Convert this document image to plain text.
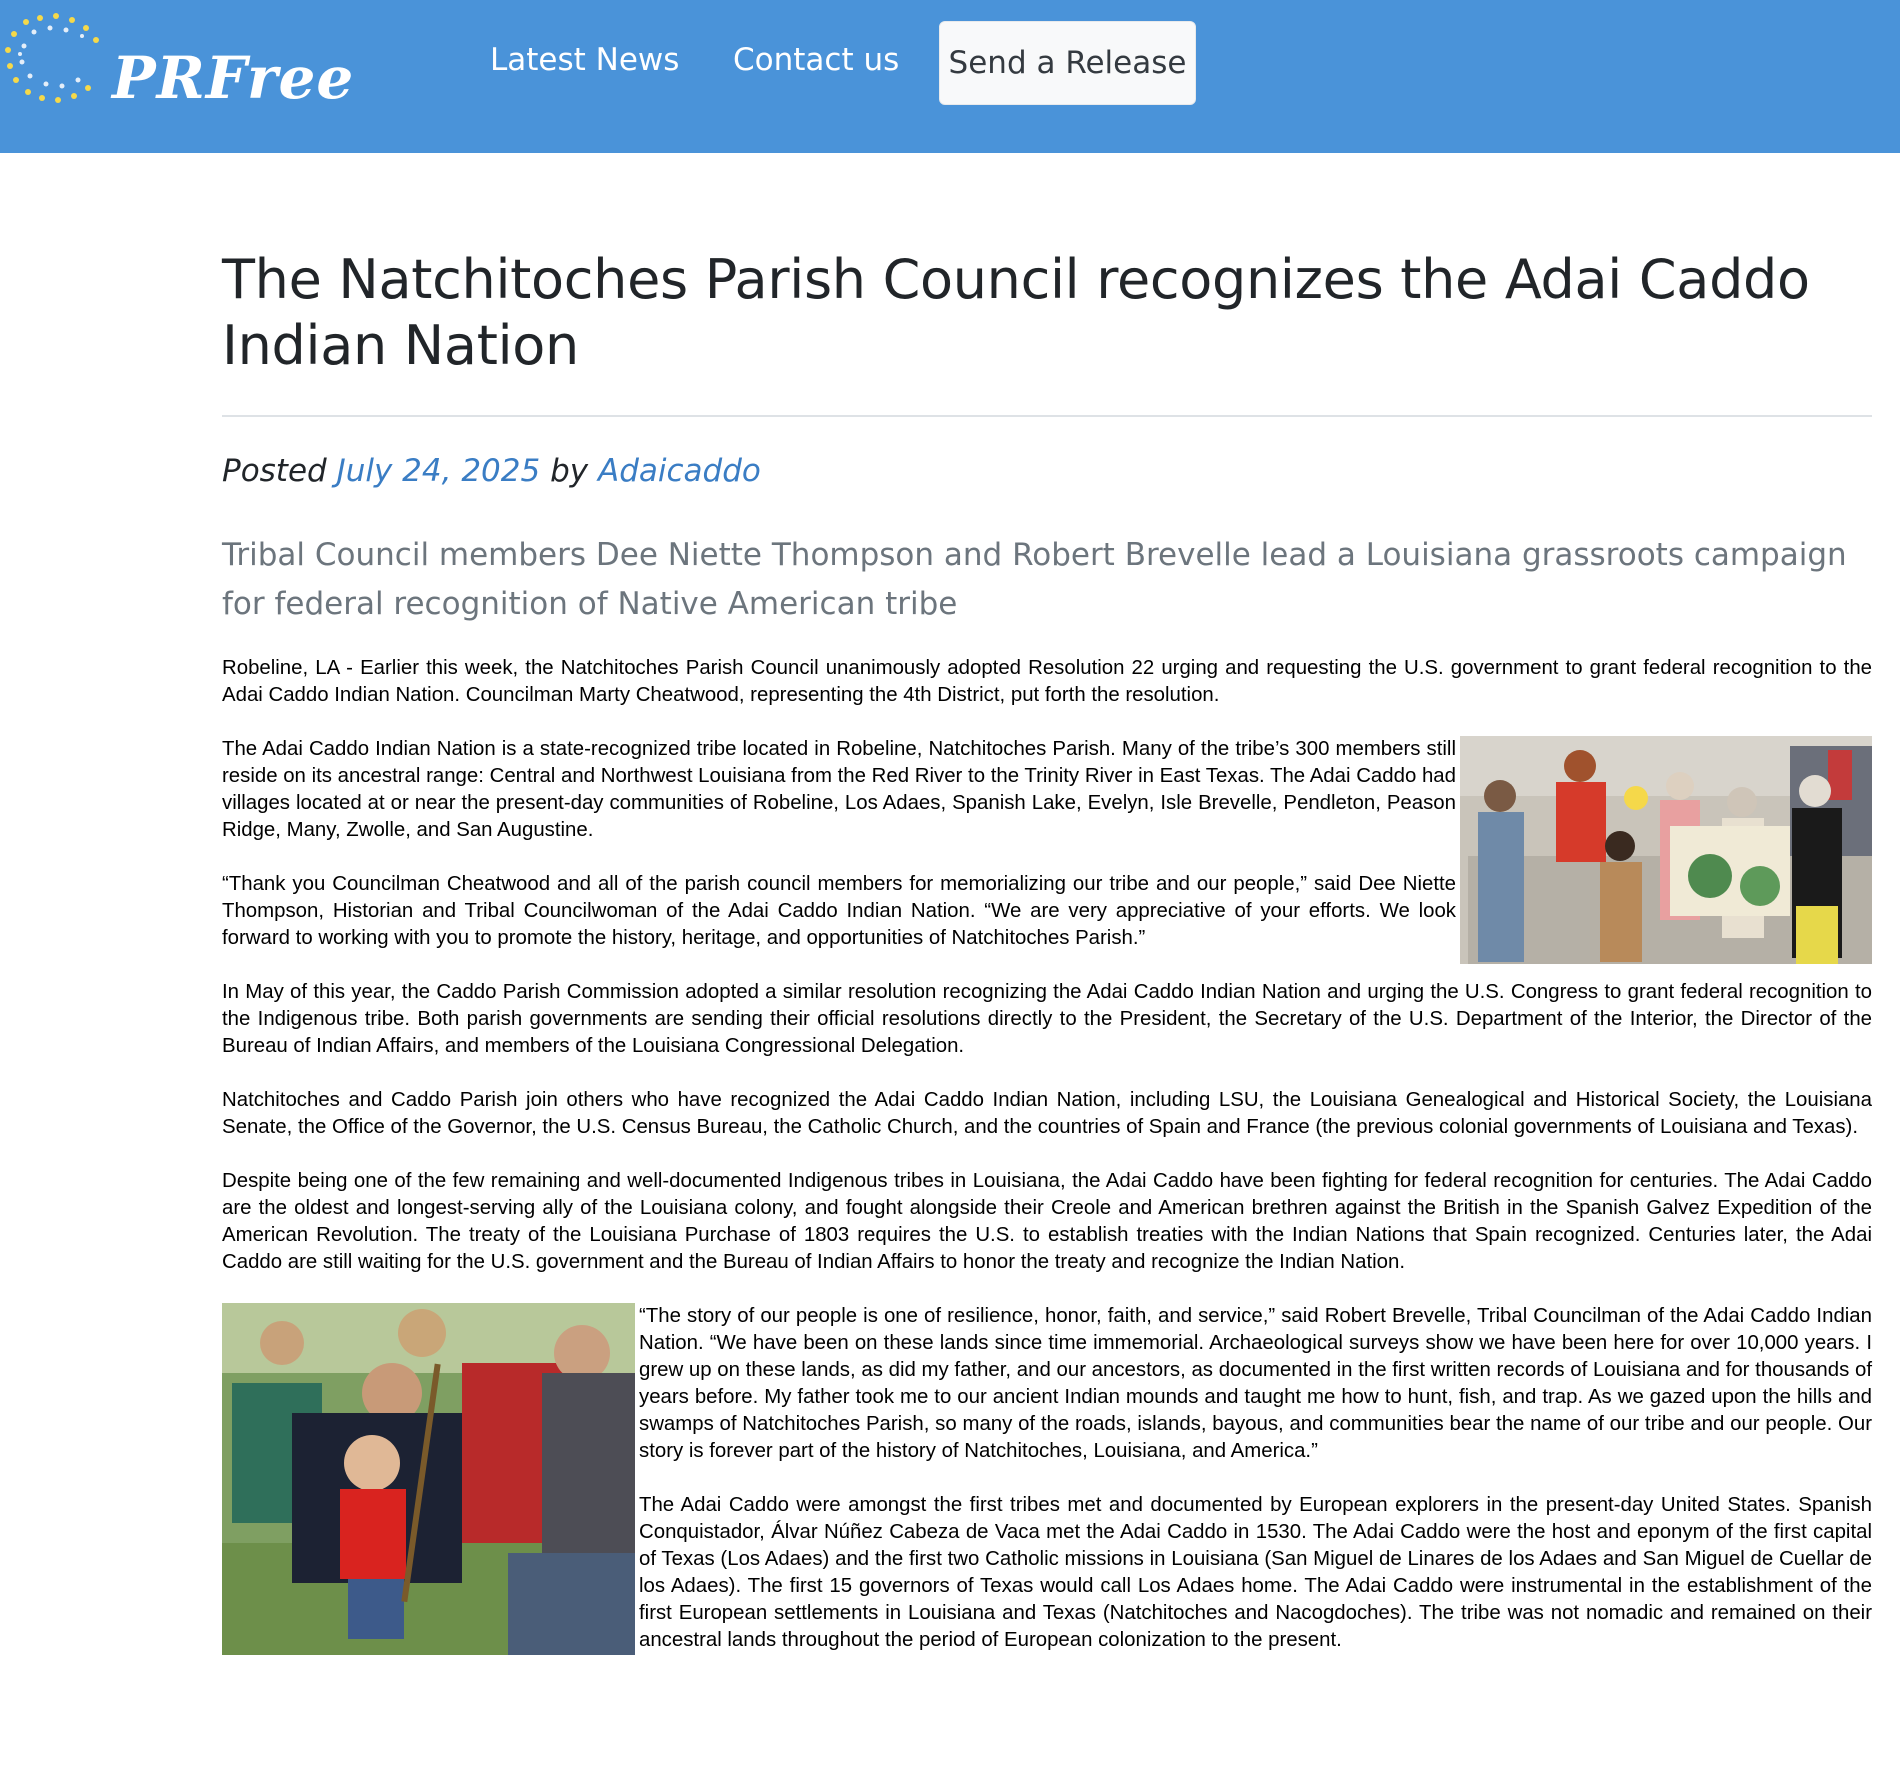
PRFree	Latest News Contact us	Send a Release
The Natchitoches Parish Council recognizes the Adai Caddo Indian Nation
Posted July 24, 2025 by Adaicaddo
Tribal Council members Dee Niette Thompson and Robert Brevelle lead a Louisiana grassroots campaign for federal recognition of Native American tribe

Robeline, LA - Earlier this week, the Natchitoches Parish Council unanimously adopted Resolution 22 urging and requesting the U.S. government to grant federal recognition to the Adai Caddo Indian Nation. Councilman Marty Cheatwood, representing the 4th District, put forth the resolution.

The Adai Caddo Indian Nation is a state-recognized tribe located in Robeline, Natchitoches Parish. Many of the tribe’s 300 members still reside on its ancestral range: Central and Northwest Louisiana from the Red River to the Trinity River in East Texas. The Adai Caddo had villages located at or near the present-day communities of Robeline, Los Adaes, Spanish Lake, Evelyn, Isle Brevelle, Pendleton, Peason Ridge, Many, Zwolle, and San Augustine.

“Thank you Councilman Cheatwood and all of the parish council members for memorializing our tribe and our people,” said Dee Niette Thompson, Historian and Tribal Councilwoman of the Adai Caddo Indian Nation. “We are very appreciative of your efforts. We look forward to working with you to promote the history, heritage, and opportunities of Natchitoches Parish.”

In May of this year, the Caddo Parish Commission adopted a similar resolution recognizing the Adai Caddo Indian Nation and urging the U.S. Congress to grant federal recognition to the Indigenous tribe. Both parish governments are sending their official resolutions directly to the President, the Secretary of the U.S. Department of the Interior, the Director of the Bureau of Indian Affairs, and members of the Louisiana Congressional Delegation.

Natchitoches and Caddo Parish join others who have recognized the Adai Caddo Indian Nation, including LSU, the Louisiana Genealogical and Historical Society, the Louisiana Senate, the Office of the Governor, the U.S. Census Bureau, the Catholic Church, and the countries of Spain and France (the previous colonial governments of Louisiana and Texas).

Despite being one of the few remaining and well-documented Indigenous tribes in Louisiana, the Adai Caddo have been fighting for federal recognition for centuries. The Adai Caddo are the oldest and longest-serving ally of the Louisiana colony, and fought alongside their Creole and American brethren against the British in the Spanish Galvez Expedition of the American Revolution. The treaty of the Louisiana Purchase of 1803 requires the U.S. to establish treaties with the Indian Nations that Spain recognized. Centuries later, the Adai Caddo are still waiting for the U.S. government and the Bureau of Indian Affairs to honor the treaty and recognize the Indian Nation.

“The story of our people is one of resilience, honor, faith, and service,” said Robert Brevelle, Tribal Councilman of the Adai Caddo Indian Nation. “We have been on these lands since time immemorial. Archaeological surveys show we have been here for over 10,000 years. I grew up on these lands, as did my father, and our ancestors, as documented in the first written records of Louisiana and for thousands of years before. My father took me to our ancient Indian mounds and taught me how to hunt, fish, and trap. As we gazed upon the hills and swamps of Natchitoches Parish, so many of the roads, islands, bayous, and communities bear the name of our tribe and our people. Our story is forever part of the history of Natchitoches, Louisiana, and America.”

The Adai Caddo were amongst the first tribes met and documented by European explorers in the present-day United States. Spanish Conquistador, Álvar Núñez Cabeza de Vaca met the Adai Caddo in 1530. The Adai Caddo were the host and eponym of the first capital of Texas (Los Adaes) and the first two Catholic missions in Louisiana (San Miguel de Linares de los Adaes and San Miguel de Cuellar de los Adaes). The first 15 governors of Texas would call Los Adaes home. The Adai Caddo were instrumental in the establishment of the first European settlements in Louisiana and Texas (Natchitoches and Nacogdoches). The tribe was not nomadic and remained on their ancestral lands throughout the period of European colonization to the present.
